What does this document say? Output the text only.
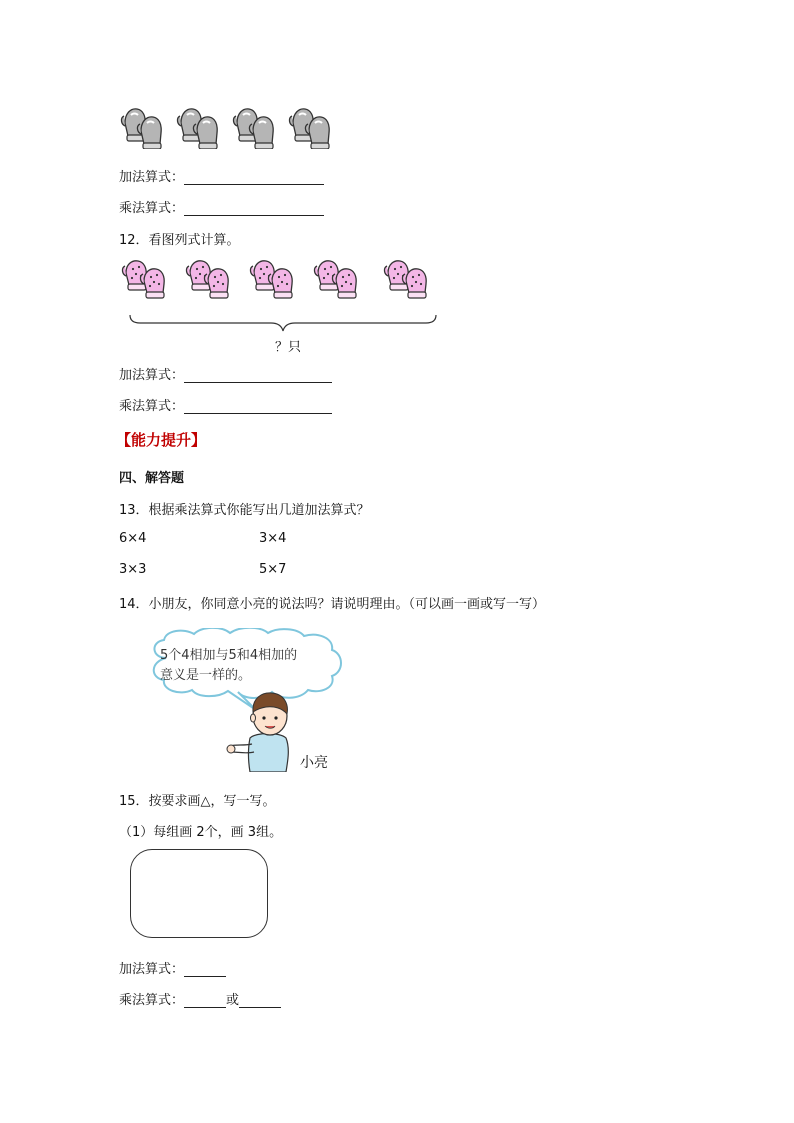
加法算式：
乘法算式：
12．看图列式计算。
？只
加法算式：
乘法算式：
【能力提升】
四、解答题
13．根据乘法算式你能写出几道加法算式？
6×4	3×4
3×3	5×7
14．小朋友，你同意小亮的说法吗？请说明理由。（可以画一画或写一写）
5个4相加与5和4相加的
意义是一样的。
小亮
15．按要求画△，写一写。
（1）每组画 2个，画 3组。
加法算式：
乘法算式：	或
